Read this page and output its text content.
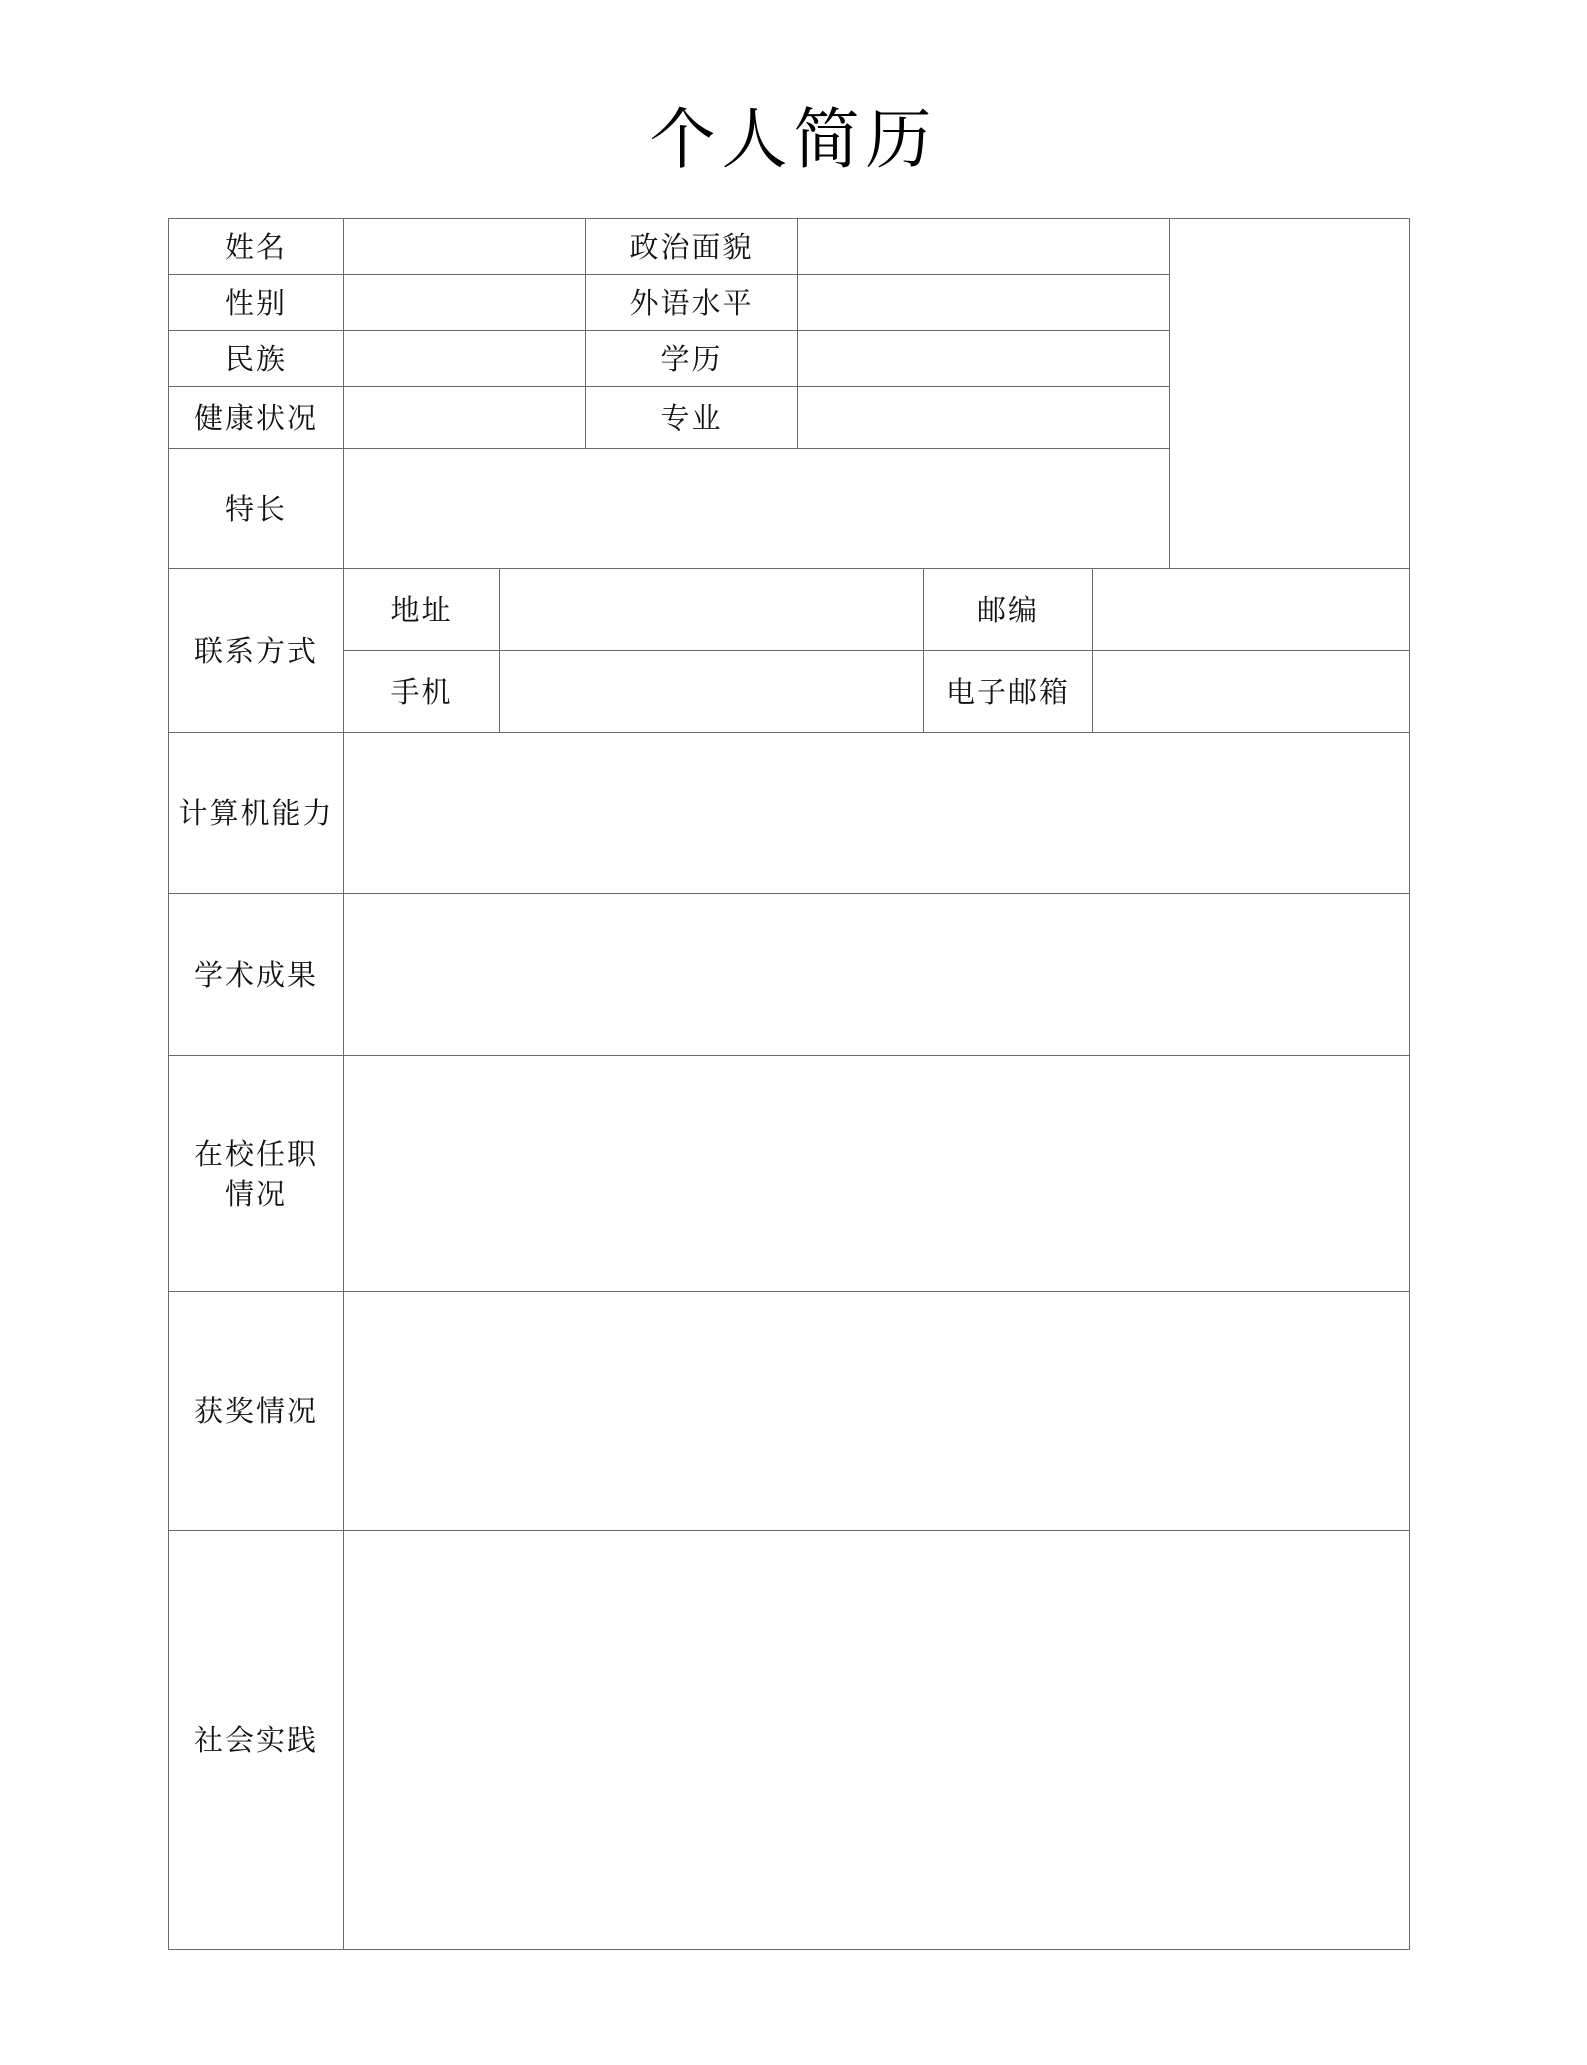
个人简历
姓名	政治面貌
性别	外语水平
民族	学历
健康状况	专业
特长
联系方式
地址	邮编
手机	电子邮箱
计算机能力
学术成果
在校任职
情况
获奖情况
社会实践
